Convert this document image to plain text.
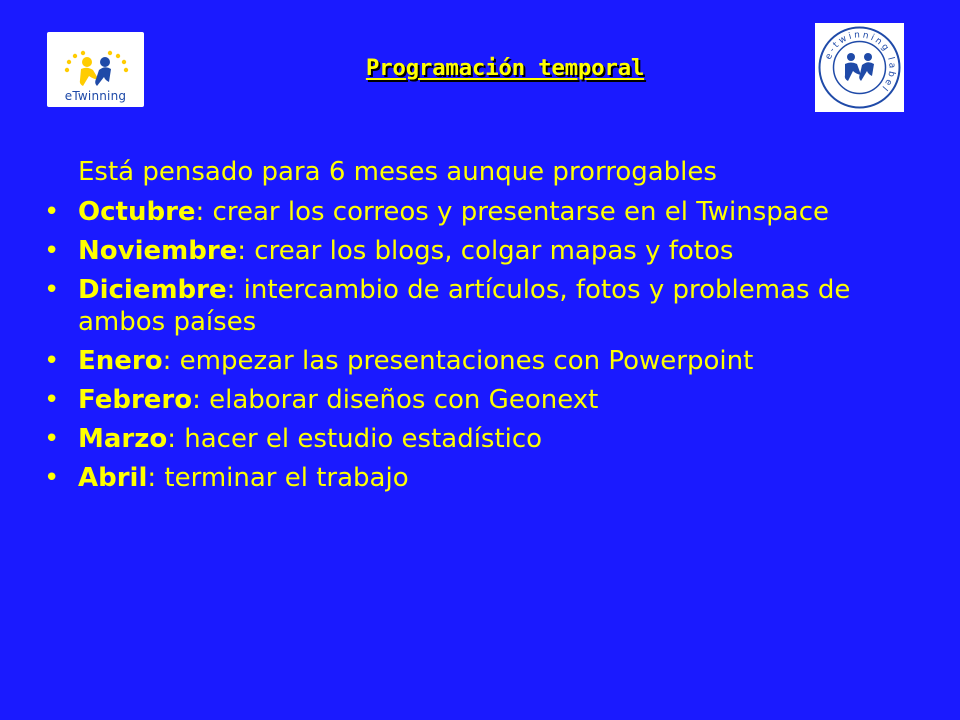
eTwinning
e-twinning label
Programación temporal
Está pensado para 6 meses aunque prorrogables
• Octubre: crear los correos y presentarse en el Twinspace
• Noviembre: crear los blogs, colgar mapas y fotos
• Diciembre: intercambio de artículos, fotos y problemas de ambos países
• Enero: empezar las presentaciones con Powerpoint
• Febrero: elaborar diseños con Geonext
• Marzo: hacer el estudio estadístico
• Abril: terminar el trabajo
